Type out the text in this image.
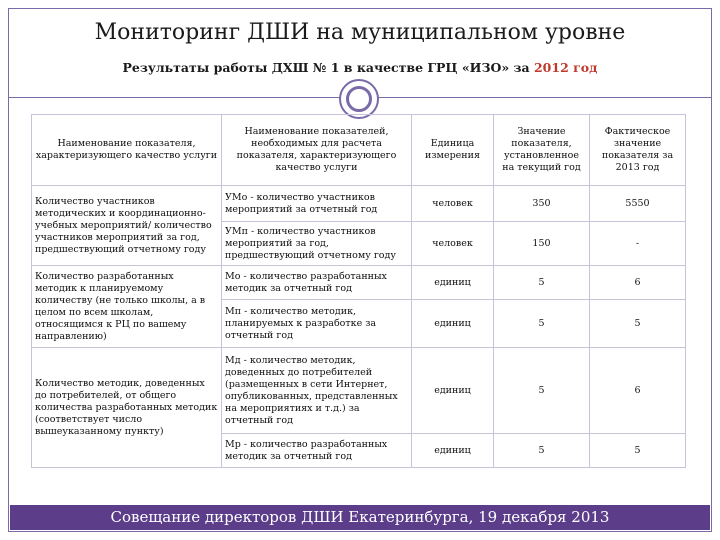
Мониторинг ДШИ на муниципальном уровне
Результаты работы ДХШ № 1 в качестве ГРЦ «ИЗО» за 2012 год
Наименование показателя, характеризующего качество услуги	Наименование показателей, необходимых для расчета показателя, характеризующего качество услуги	Единица измерения	Значение показателя, установленное на текущий год	Фактическое значение показателя за 2013 год
Количество участников методических и координационно-учебных мероприятий/ количество участников мероприятий за год, предшествующий отчетному году	УМо - количество участников мероприятий за отчетный год	человек	350	5550
	УМп - количество участников мероприятий за год, предшествующий отчетному году	человек	150	-
Количество разработанных методик к планируемому количеству (не только школы, а в целом по всем школам, относящимся к РЦ по вашему направлению)	Мо - количество разработанных методик за отчетный год	единиц	5	6
	Мп - количество методик, планируемых к разработке за отчетный год	единиц	5	5
Количество методик, доведенных до потребителей, от общего количества разработанных методик (соответствует число вышеуказанному пункту)	Мд - количество методик, доведенных до потребителей (размещенных в сети Интернет, опубликованных, представленных на мероприятиях и т.д.) за отчетный год	единиц	5	6
	Мр - количество разработанных методик за отчетный год	единиц	5	5
Совещание директоров ДШИ Екатеринбурга, 19 декабря 2013
